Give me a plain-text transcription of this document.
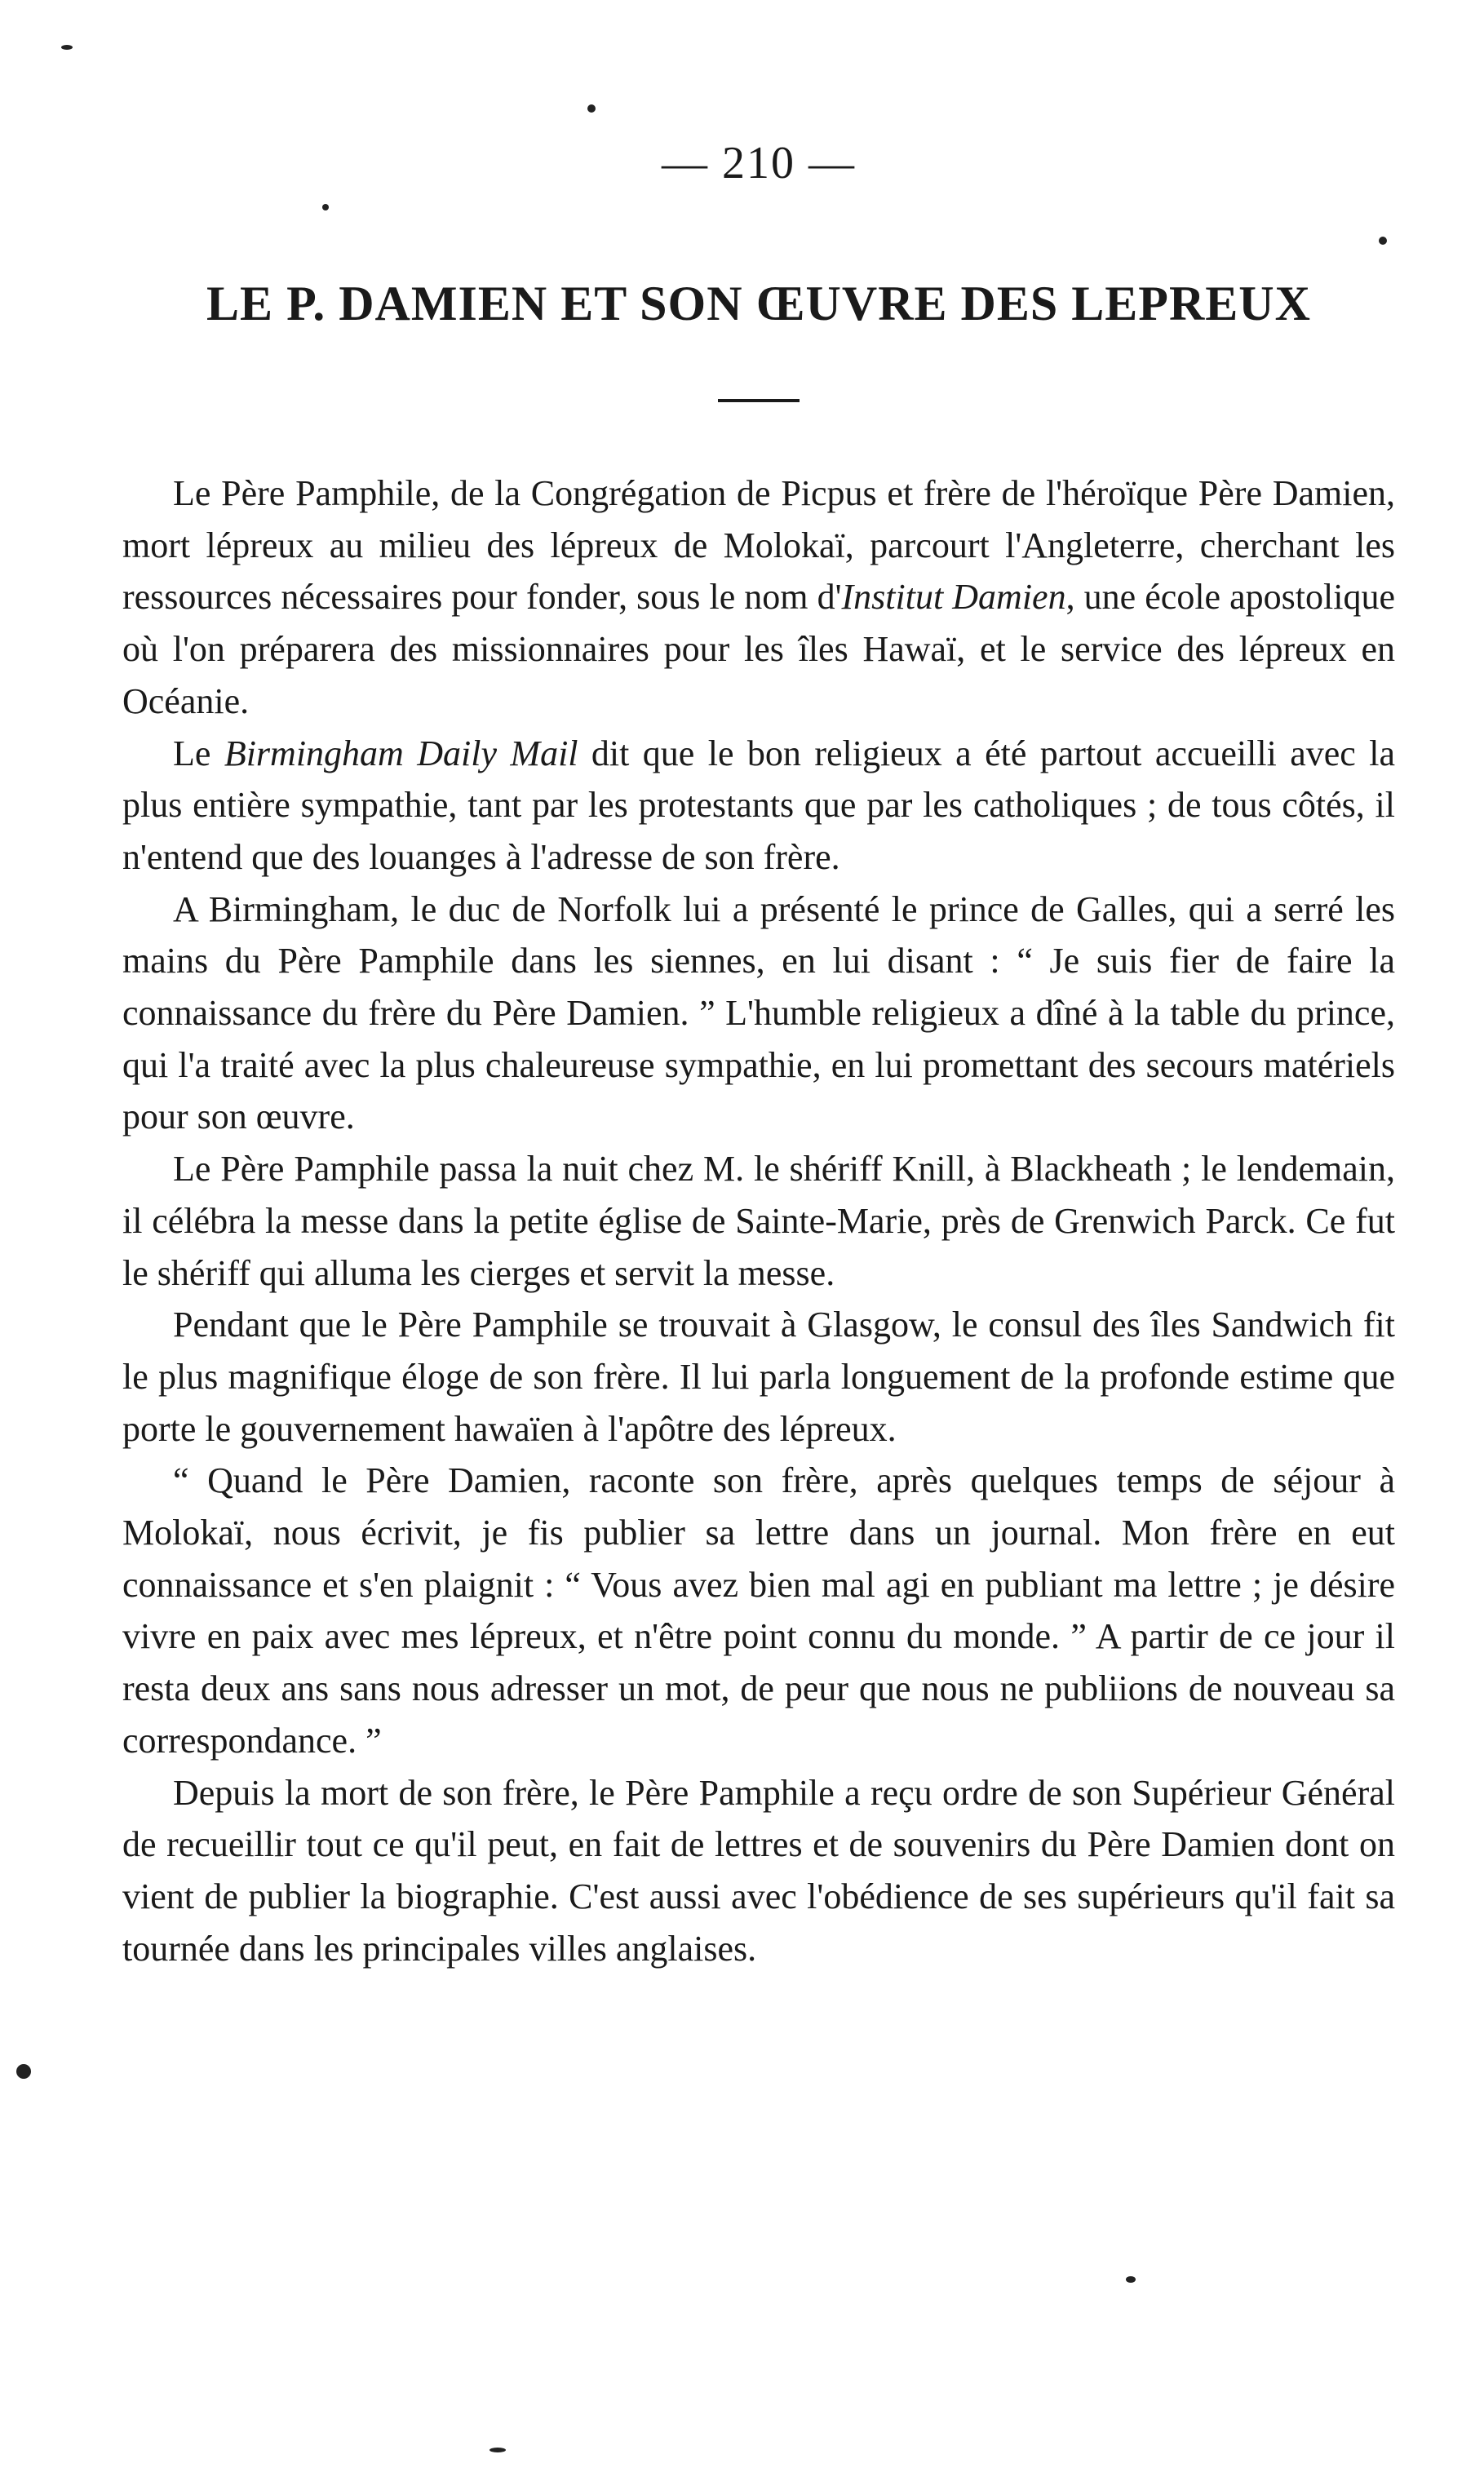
— 210 —
LE P. DAMIEN ET SON ŒUVRE DES LEPREUX

Le Père Pamphile, de la Congrégation de Picpus et frère de l'héroïque Père Damien, mort lépreux au milieu des lépreux de Molokaï, parcourt l'Angleterre, cherchant les ressources nécessaires pour fonder, sous le nom d'Institut Damien, une école apostolique où l'on préparera des missionnaires pour les îles Hawaï, et le service des lépreux en Océanie.

Le Birmingham Daily Mail dit que le bon religieux a été partout accueilli avec la plus entière sympathie, tant par les protestants que par les catholiques ; de tous côtés, il n'entend que des louanges à l'adresse de son frère.

A Birmingham, le duc de Norfolk lui a présenté le prince de Galles, qui a serré les mains du Père Pamphile dans les siennes, en lui disant : “ Je suis fier de faire la connaissance du frère du Père Damien. ” L'humble religieux a dîné à la table du prince, qui l'a traité avec la plus chaleureuse sympathie, en lui promettant des secours matériels pour son œuvre.

Le Père Pamphile passa la nuit chez M. le shériff Knill, à Blackheath ; le lendemain, il célébra la messe dans la petite église de Sainte-Marie, près de Grenwich Parck. Ce fut le shériff qui alluma les cierges et servit la messe.

Pendant que le Père Pamphile se trouvait à Glasgow, le consul des îles Sandwich fit le plus magnifique éloge de son frère. Il lui parla longuement de la profonde estime que porte le gouvernement hawaïen à l'apôtre des lépreux.

“ Quand le Père Damien, raconte son frère, après quelques temps de séjour à Molokaï, nous écrivit, je fis publier sa lettre dans un journal. Mon frère en eut connaissance et s'en plaignit : “ Vous avez bien mal agi en publiant ma lettre ; je désire vivre en paix avec mes lépreux, et n'être point connu du monde. ” A partir de ce jour il resta deux ans sans nous adresser un mot, de peur que nous ne publiions de nouveau sa correspondance. ”

Depuis la mort de son frère, le Père Pamphile a reçu ordre de son Supérieur Général de recueillir tout ce qu'il peut, en fait de lettres et de souvenirs du Père Damien dont on vient de publier la biographie. C'est aussi avec l'obédience de ses supérieurs qu'il fait sa tournée dans les principales villes anglaises.
